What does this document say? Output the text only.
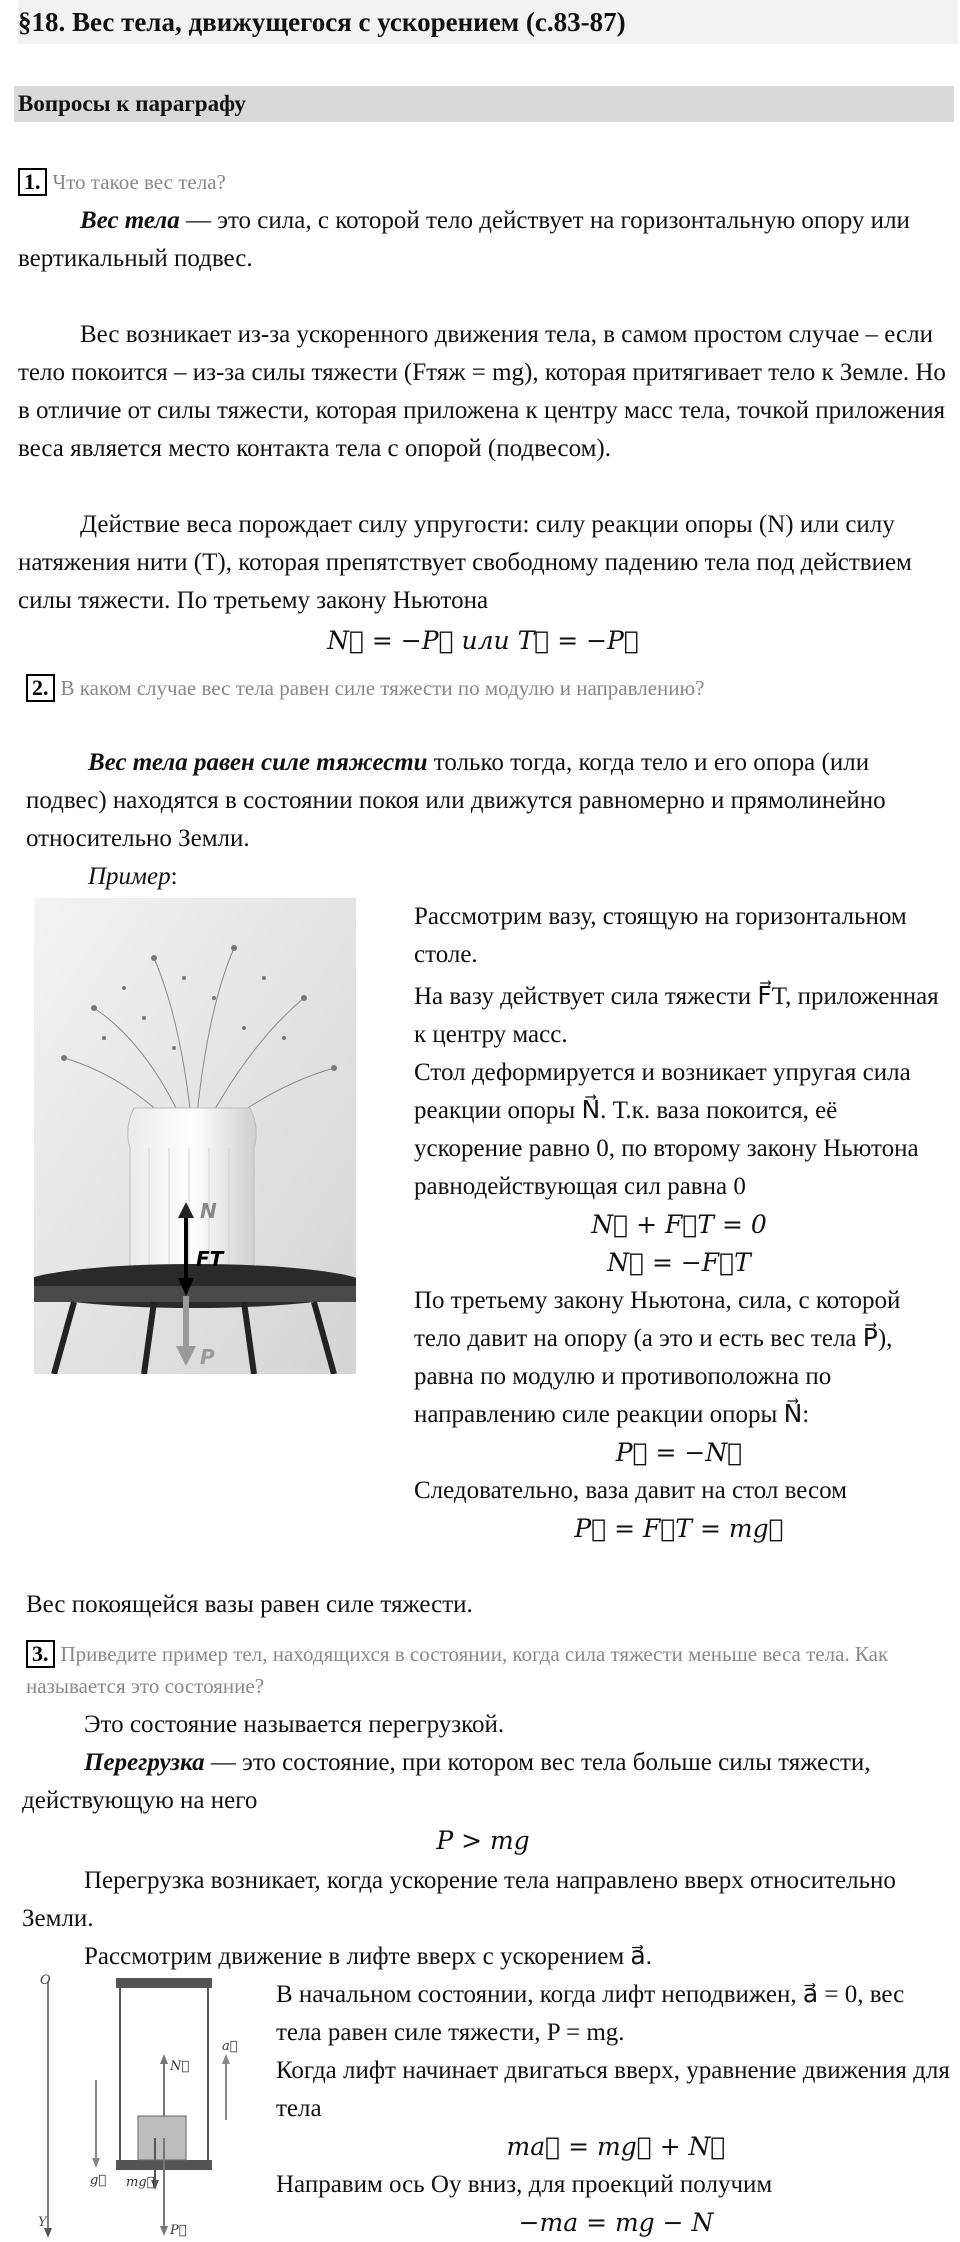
§18. Вес тела, движущегося с ускорением (с.83-87)
Вопросы к параграфу
1. Что такое вес тела?
Вес тела — это сила, с которой тело действует на горизонтальную опору или вертикальный подвес.
Вес возникает из-за ускоренного движения тела, в самом простом случае – если тело покоится – из-за силы тяжести (Fтяж = mg), которая притягивает тело к Земле. Но в отличие от силы тяжести, которая приложена к центру масс тела, точкой приложения веса является место контакта тела с опорой (подвесом).
Действие веса порождает силу упругости: силу реакции опоры (N) или силу натяжения нити (T), которая препятствует свободному падению тела под действием силы тяжести. По третьему закону Ньютона
N⃗ = −P⃗ или T⃗ = −P⃗
2. В каком случае вес тела равен силе тяжести по модулю и направлению?
Вес тела равен силе тяжести только тогда, когда тело и его опора (или подвес) находятся в состоянии покоя или движутся равномерно и прямолинейно относительно Земли.
Пример:
N
FT
P
Рассмотрим вазу, стоящую на горизонтальном столе.
На вазу действует сила тяжести F⃗T, приложенная к центру масс.
Стол деформируется и возникает упругая сила реакции опоры N⃗. Т.к. ваза покоится, её ускорение равно 0, по второму закону Ньютона равнодействующая сил равна 0
N⃗ + F⃗T = 0
N⃗ = −F⃗T
По третьему закону Ньютона, сила, с которой тело давит на опору (а это и есть вес тела P⃗), равна по модулю и противоположна по направлению силе реакции опоры N⃗:
P⃗ = −N⃗
Следовательно, ваза давит на стол весом
P⃗ = F⃗T = mg⃗
Вес покоящейся вазы равен силе тяжести.
3. Приведите пример тел, находящихся в состоянии, когда сила тяжести меньше веса тела. Как называется это состояние?
Это состояние называется перегрузкой.
Перегрузка — это состояние, при котором вес тела больше силы тяжести, действующую на него
P > mg
Перегрузка возникает, когда ускорение тела направлено вверх относительно Земли.
Рассмотрим движение в лифте вверх с ускорением a⃗.
O
Y
N⃗
P⃗
mg⃗
a⃗
g⃗
В начальном состоянии, когда лифт неподвижен, a⃗ = 0, вес тела равен силе тяжести, P = mg.
Когда лифт начинает двигаться вверх, уравнение движения для тела
ma⃗ = mg⃗ + N⃗
Направим ось Оу вниз, для проекций получим
−ma = mg − N
